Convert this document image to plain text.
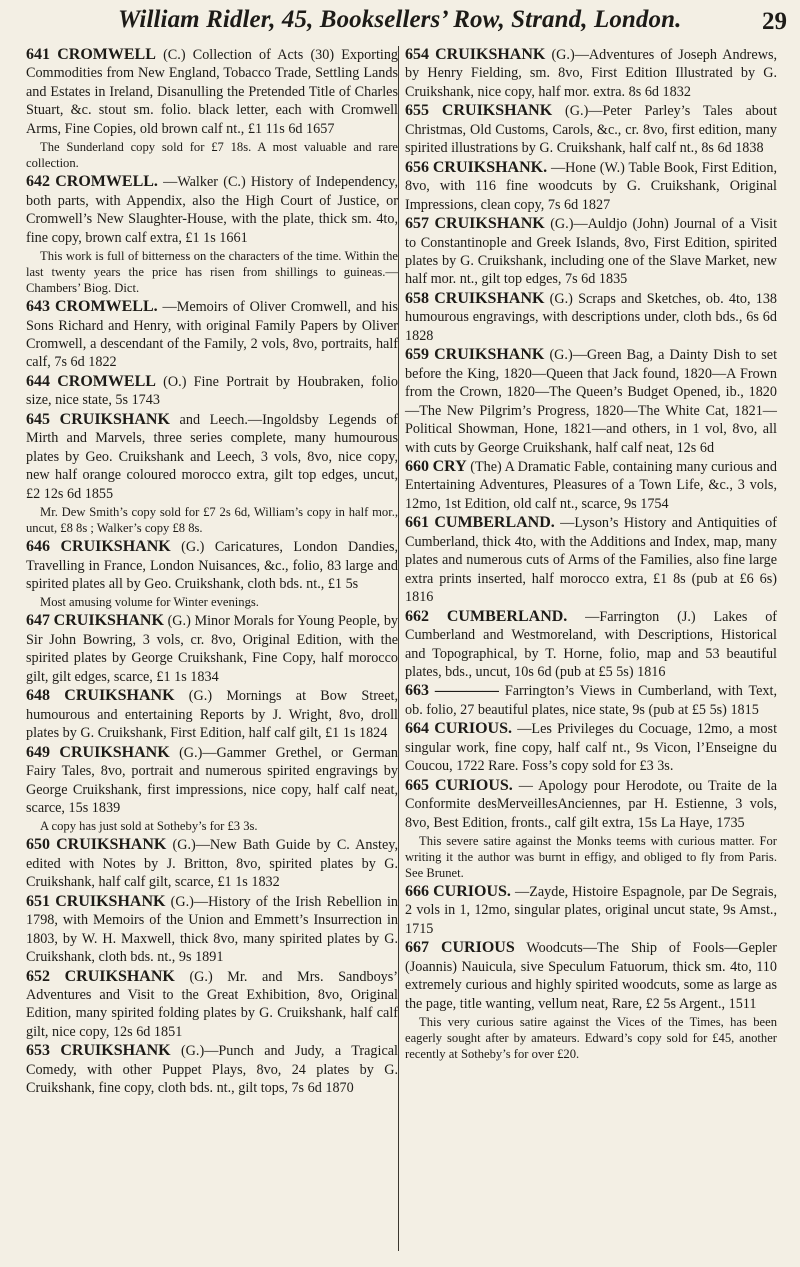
William Ridler, 45, Booksellers’ Row, Strand, London.	29

641 CROMWELL (C.) Collection of Acts (30) Exporting Commodities from New England, Tobacco Trade, Settling Lands and Estates in Ireland, Disanulling the Pretended Title of Charles Stuart, &c. stout sm. folio. black letter, each with Cromwell Arms, Fine Copies, old brown calf nt., £1 11s 6d 1657

The Sunderland copy sold for £7 18s. A most valuable and rare collection.

642 CROMWELL. —Walker (C.) History of Independency, both parts, with Appendix, also the High Court of Justice, or Cromwell’s New Slaughter-House, with the plate, thick sm. 4to, fine copy, brown calf extra, £1 1s 1661

This work is full of bitterness on the characters of the time. Within the last twenty years the price has risen from shillings to guineas.—Chambers’ Biog. Dict.

643 CROMWELL. —Memoirs of Oliver Cromwell, and his Sons Richard and Henry, with original Family Papers by Oliver Cromwell, a descendant of the Family, 2 vols, 8vo, portraits, half calf, 7s 6d 1822

644 CROMWELL (O.) Fine Portrait by Houbraken, folio size, nice state, 5s 1743

645 CRUIKSHANK and Leech.—Ingoldsby Legends of Mirth and Marvels, three series complete, many humourous plates by Geo. Cruikshank and Leech, 3 vols, 8vo, nice copy, new half orange coloured morocco extra, gilt top edges, uncut, £2 12s 6d 1855

Mr. Dew Smith’s copy sold for £7 2s 6d, William’s copy in half mor., uncut, £8 8s ; Walker’s copy £8 8s.

646 CRUIKSHANK (G.) Caricatures, London Dandies, Travelling in France, London Nuisances, &c., folio, 83 large and spirited plates all by Geo. Cruikshank, cloth bds. nt., £1 5s

Most amusing volume for Winter evenings.

647 CRUIKSHANK (G.) Minor Morals for Young People, by Sir John Bowring, 3 vols, cr. 8vo, Original Edition, with the spirited plates by George Cruikshank, Fine Copy, half morocco gilt, gilt edges, scarce, £1 1s 1834

648 CRUIKSHANK (G.) Mornings at Bow Street, humourous and entertaining Reports by J. Wright, 8vo, droll plates by G. Cruikshank, First Edition, half calf gilt, £1 1s 1824

649 CRUIKSHANK (G.)—Gammer Grethel, or German Fairy Tales, 8vo, portrait and numerous spirited engravings by George Cruikshank, first impressions, nice copy, half calf neat, scarce, 15s 1839

A copy has just sold at Sotheby’s for £3 3s.

650 CRUIKSHANK (G.)—New Bath Guide by C. Anstey, edited with Notes by J. Britton, 8vo, spirited plates by G. Cruikshank, half calf gilt, scarce, £1 1s 1832

651 CRUIKSHANK (G.)—History of the Irish Rebellion in 1798, with Memoirs of the Union and Emmett’s Insurrection in 1803, by W. H. Maxwell, thick 8vo, many spirited plates by G. Cruikshank, cloth bds. nt., 9s 1891

652 CRUIKSHANK (G.) Mr. and Mrs. Sandboys’ Adventures and Visit to the Great Exhibition, 8vo, Original Edition, many spirited folding plates by G. Cruikshank, half calf gilt, nice copy, 12s 6d 1851

653 CRUIKSHANK (G.)—Punch and Judy, a Tragical Comedy, with other Puppet Plays, 8vo, 24 plates by G. Cruikshank, fine copy, cloth bds. nt., gilt tops, 7s 6d 1870

654 CRUIKSHANK (G.)—Adventures of Joseph Andrews, by Henry Fielding, sm. 8vo, First Edition Illustrated by G. Cruikshank, nice copy, half mor. extra. 8s 6d 1832

655 CRUIKSHANK (G.)—Peter Parley’s Tales about Christmas, Old Customs, Carols, &c., cr. 8vo, first edition, many spirited illustrations by G. Cruikshank, half calf nt., 8s 6d 1838

656 CRUIKSHANK. —Hone (W.) Table Book, First Edition, 8vo, with 116 fine woodcuts by G. Cruikshank, Original Impressions, clean copy, 7s 6d 1827

657 CRUIKSHANK (G.)—Auldjo (John) Journal of a Visit to Constantinople and Greek Islands, 8vo, First Edition, spirited plates by G. Cruikshank, including one of the Slave Market, new half mor. nt., gilt top edges, 7s 6d 1835

658 CRUIKSHANK (G.) Scraps and Sketches, ob. 4to, 138 humourous engravings, with descriptions under, cloth bds., 6s 6d 1828

659 CRUIKSHANK (G.)—Green Bag, a Dainty Dish to set before the King, 1820—Queen that Jack found, 1820—A Frown from the Crown, 1820—The Queen’s Budget Opened, ib., 1820—The New Pilgrim’s Progress, 1820—The White Cat, 1821—Political Showman, Hone, 1821—and others, in 1 vol, 8vo, all with cuts by George Cruikshank, half calf neat, 12s 6d

660 CRY (The) A Dramatic Fable, containing many curious and Entertaining Adventures, Pleasures of a Town Life, &c., 3 vols, 12mo, 1st Edition, old calf nt., scarce, 9s 1754

661 CUMBERLAND. —Lyson’s History and Antiquities of Cumberland, thick 4to, with the Additions and Index, map, many plates and numerous cuts of Arms of the Families, also fine large extra prints inserted, half morocco extra, £1 8s (pub at £6 6s) 1816

662 CUMBERLAND. —Farrington (J.) Lakes of Cumberland and Westmoreland, with Descriptions, Historical and Topographical, by T. Horne, folio, map and 53 beautiful plates, bds., uncut, 10s 6d (pub at £5 5s) 1816

663 ———— Farrington’s Views in Cumberland, with Text, ob. folio, 27 beautiful plates, nice state, 9s (pub at £5 5s) 1815

664 CURIOUS. —Les Privileges du Cocuage, 12mo, a most singular work, fine copy, half calf nt., 9s Vicon, l’Enseigne du Coucou, 1722 Rare. Foss’s copy sold for £3 3s.

665 CURIOUS. — Apology pour Herodote, ou Traite de la Conformite desMerveillesAnciennes, par H. Estienne, 3 vols, 8vo, Best Edition, fronts., calf gilt extra, 15s La Haye, 1735

This severe satire against the Monks teems with curious matter. For writing it the author was burnt in effigy, and obliged to fly from Paris. See Brunet.

666 CURIOUS. —Zayde, Histoire Espagnole, par De Segrais, 2 vols in 1, 12mo, singular plates, original uncut state, 9s Amst., 1715

667 CURIOUS Woodcuts—The Ship of Fools—Gepler (Joannis) Nauicula, sive Speculum Fatuorum, thick sm. 4to, 110 extremely curious and highly spirited woodcuts, some as large as the page, title wanting, vellum neat, Rare, £2 5s Argent., 1511

This very curious satire against the Vices of the Times, has been eagerly sought after by amateurs. Edward’s copy sold for £45, another recently at Sotheby’s for over £20.
